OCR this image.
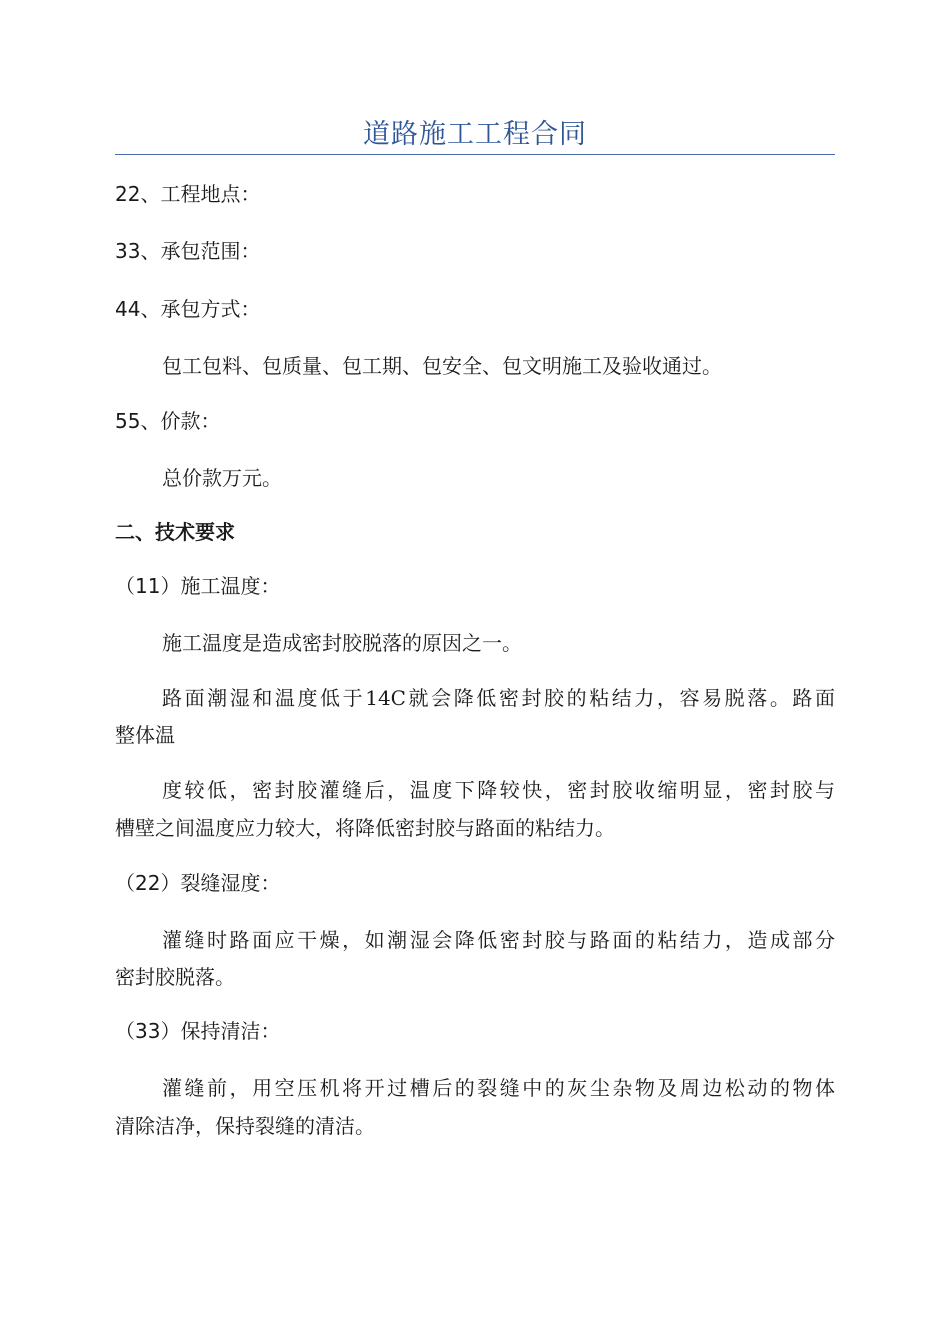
道路施工工程合同
22、工程地点：
33、承包范围：
44、承包方式：
包工包料、包质量、包工期、包安全、包文明施工及验收通过。
55、价款：
总价款万元。
二、技术要求
（11）施工温度：
施工温度是造成密封胶脱落的原因之一。
路面潮湿和温度低于14C就会降低密封胶的粘结力，容易脱落。路面
整体温
度较低，密封胶灌缝后，温度下降较快，密封胶收缩明显，密封胶与
槽壁之间温度应力较大，将降低密封胶与路面的粘结力。
（22）裂缝湿度：
灌缝时路面应干燥，如潮湿会降低密封胶与路面的粘结力，造成部分
密封胶脱落。
（33）保持清洁：
灌缝前，用空压机将开过槽后的裂缝中的灰尘杂物及周边松动的物体
清除洁净，保持裂缝的清洁。
